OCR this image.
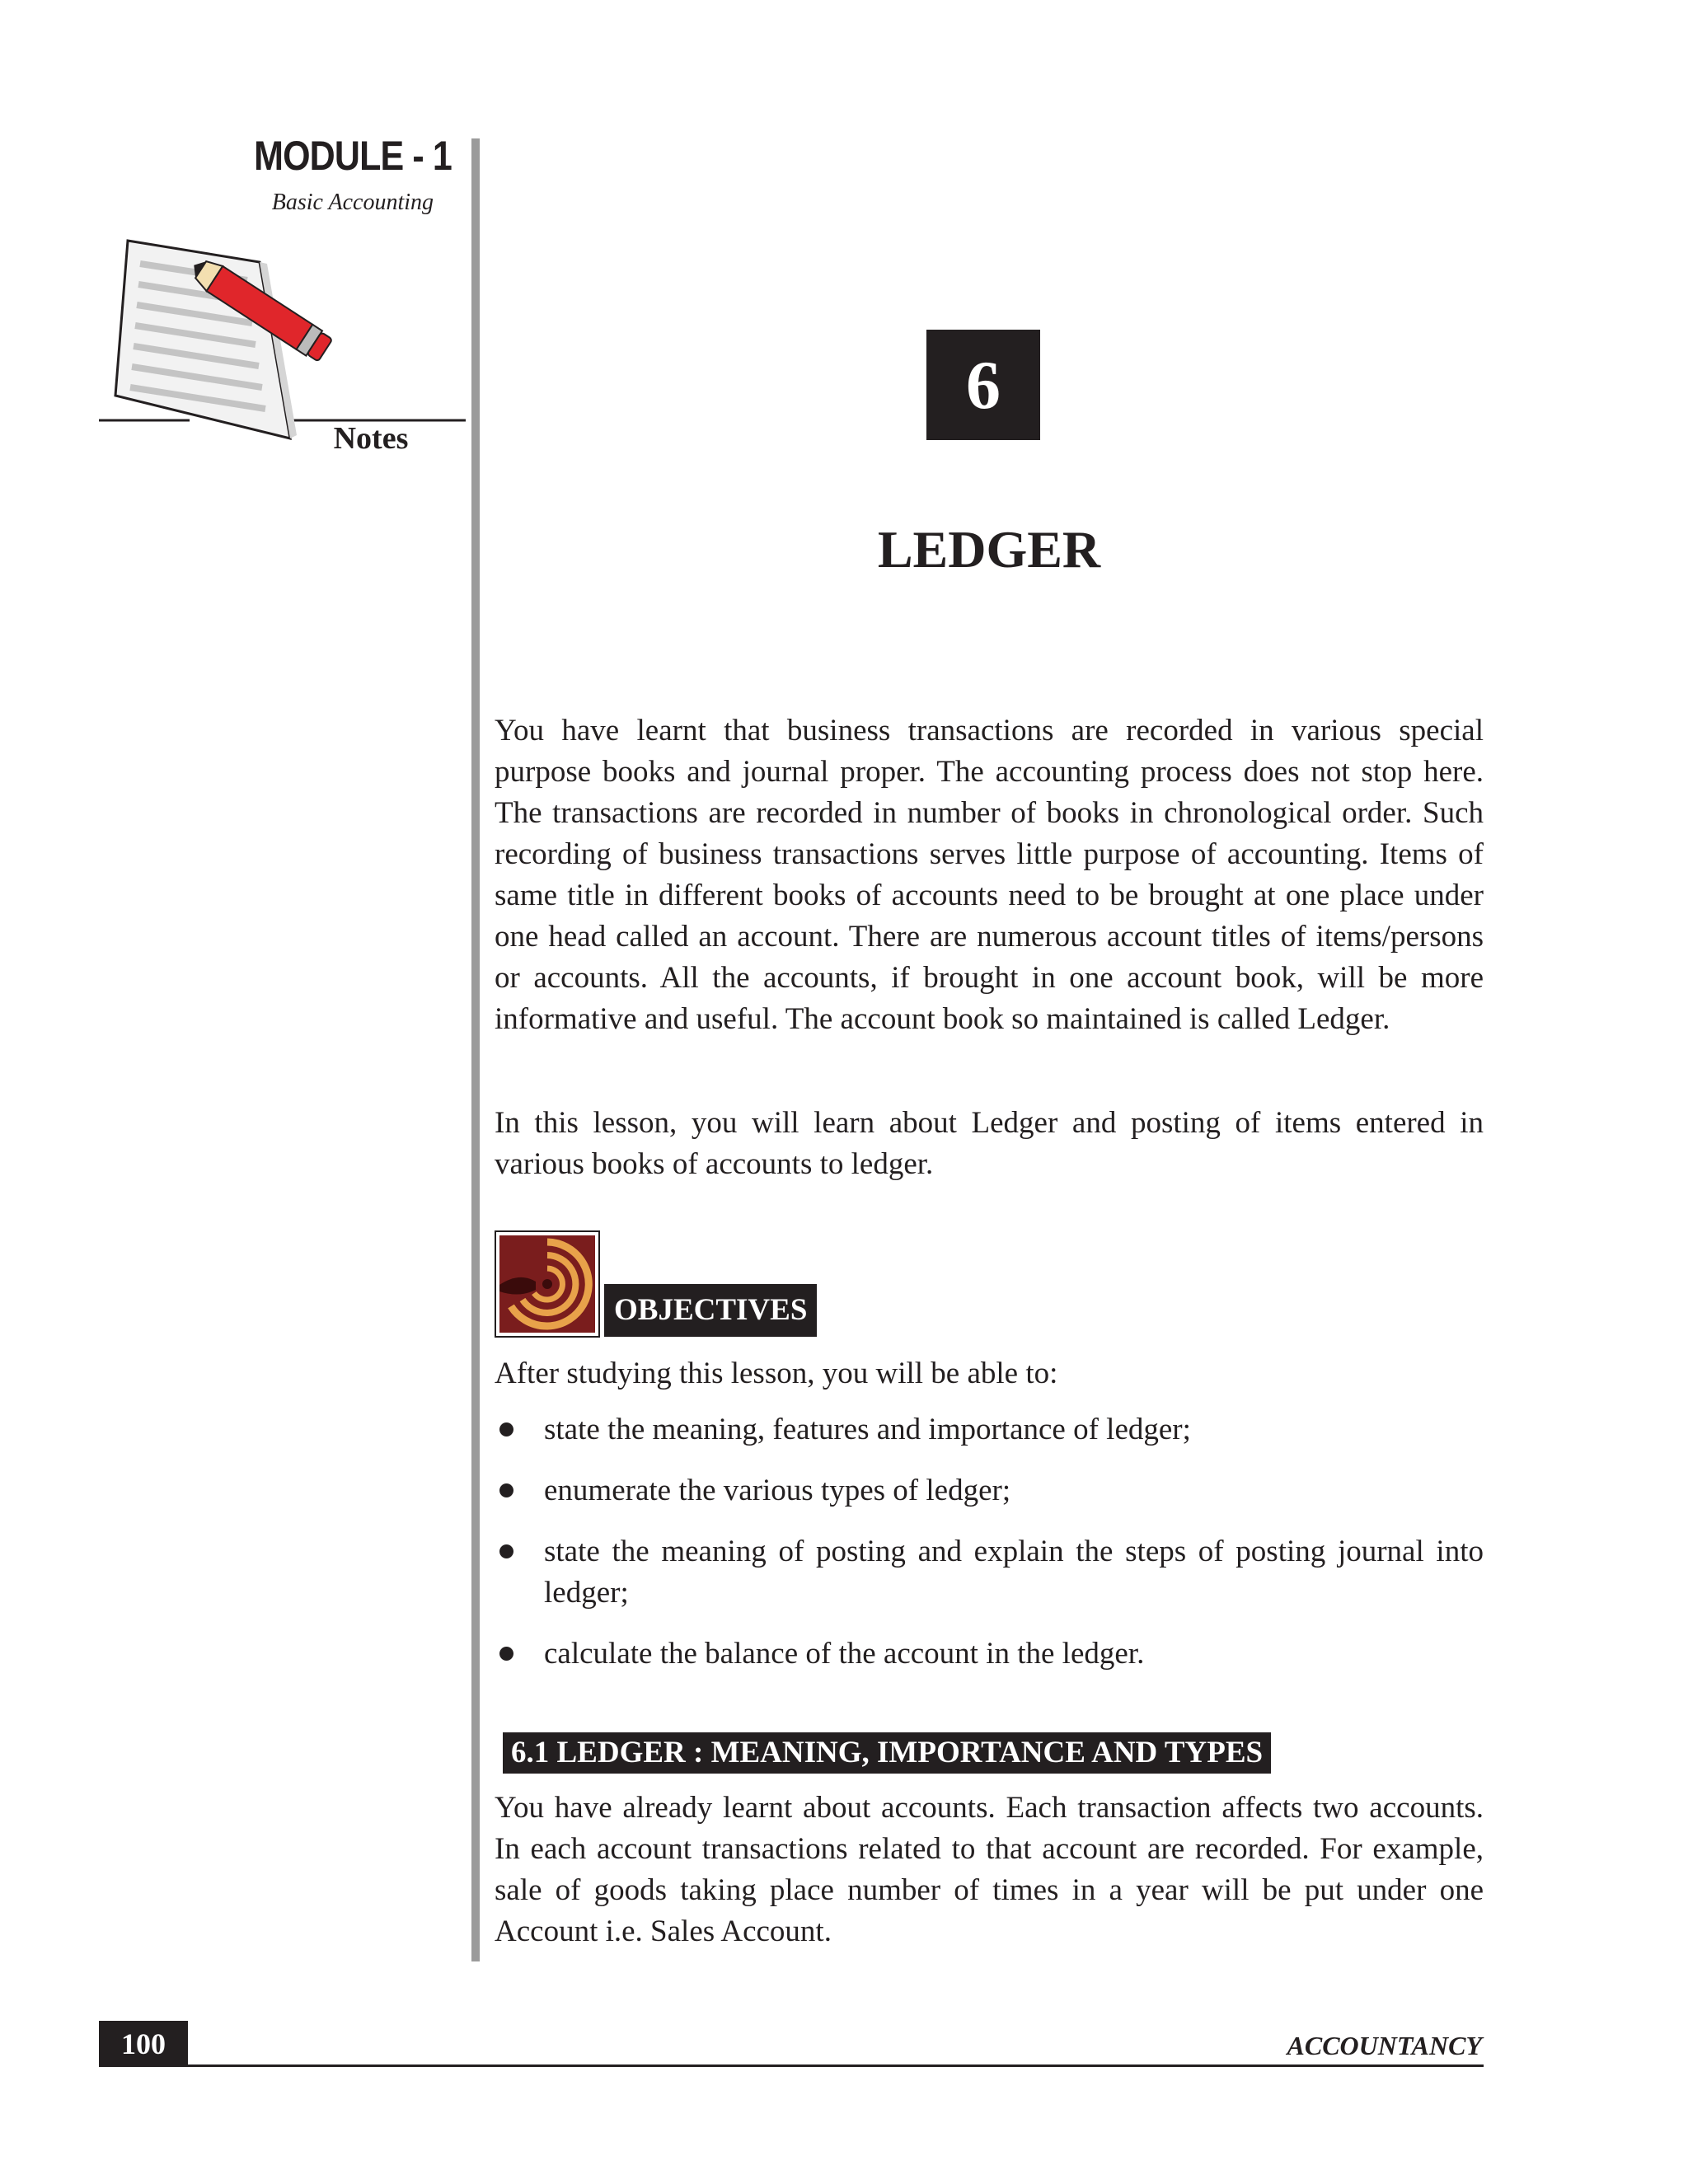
MODULE - 1
Basic Accounting
Notes
6
LEDGER
You have learnt that business transactions are recorded in various special purpose books and journal proper. The accounting process does not stop here. The transactions are recorded in number of books in chronological order. Such recording of business transactions serves little purpose of accounting. Items of same title in different books of accounts need to be brought at one place under one head called an account. There are numerous account titles of items/persons or accounts. All the accounts, if brought in one account book, will be more informative and useful. The account book so maintained is called Ledger.
In this lesson, you will learn about Ledger and posting of items entered in various books of accounts to ledger.
OBJECTIVES
After studying this lesson, you will be able to:
state the meaning, features and importance of ledger;
enumerate the various types of ledger;
state the meaning of posting and explain the steps of posting journal into ledger;
calculate the balance of the account in the ledger.
6.1 LEDGER : MEANING, IMPORTANCE AND TYPES
You have already learnt about accounts. Each transaction affects two accounts. In each account transactions related to that account are recorded. For example, sale of goods taking place number of times in a year will be put under one Account i.e. Sales Account.
100	ACCOUNTANCY
